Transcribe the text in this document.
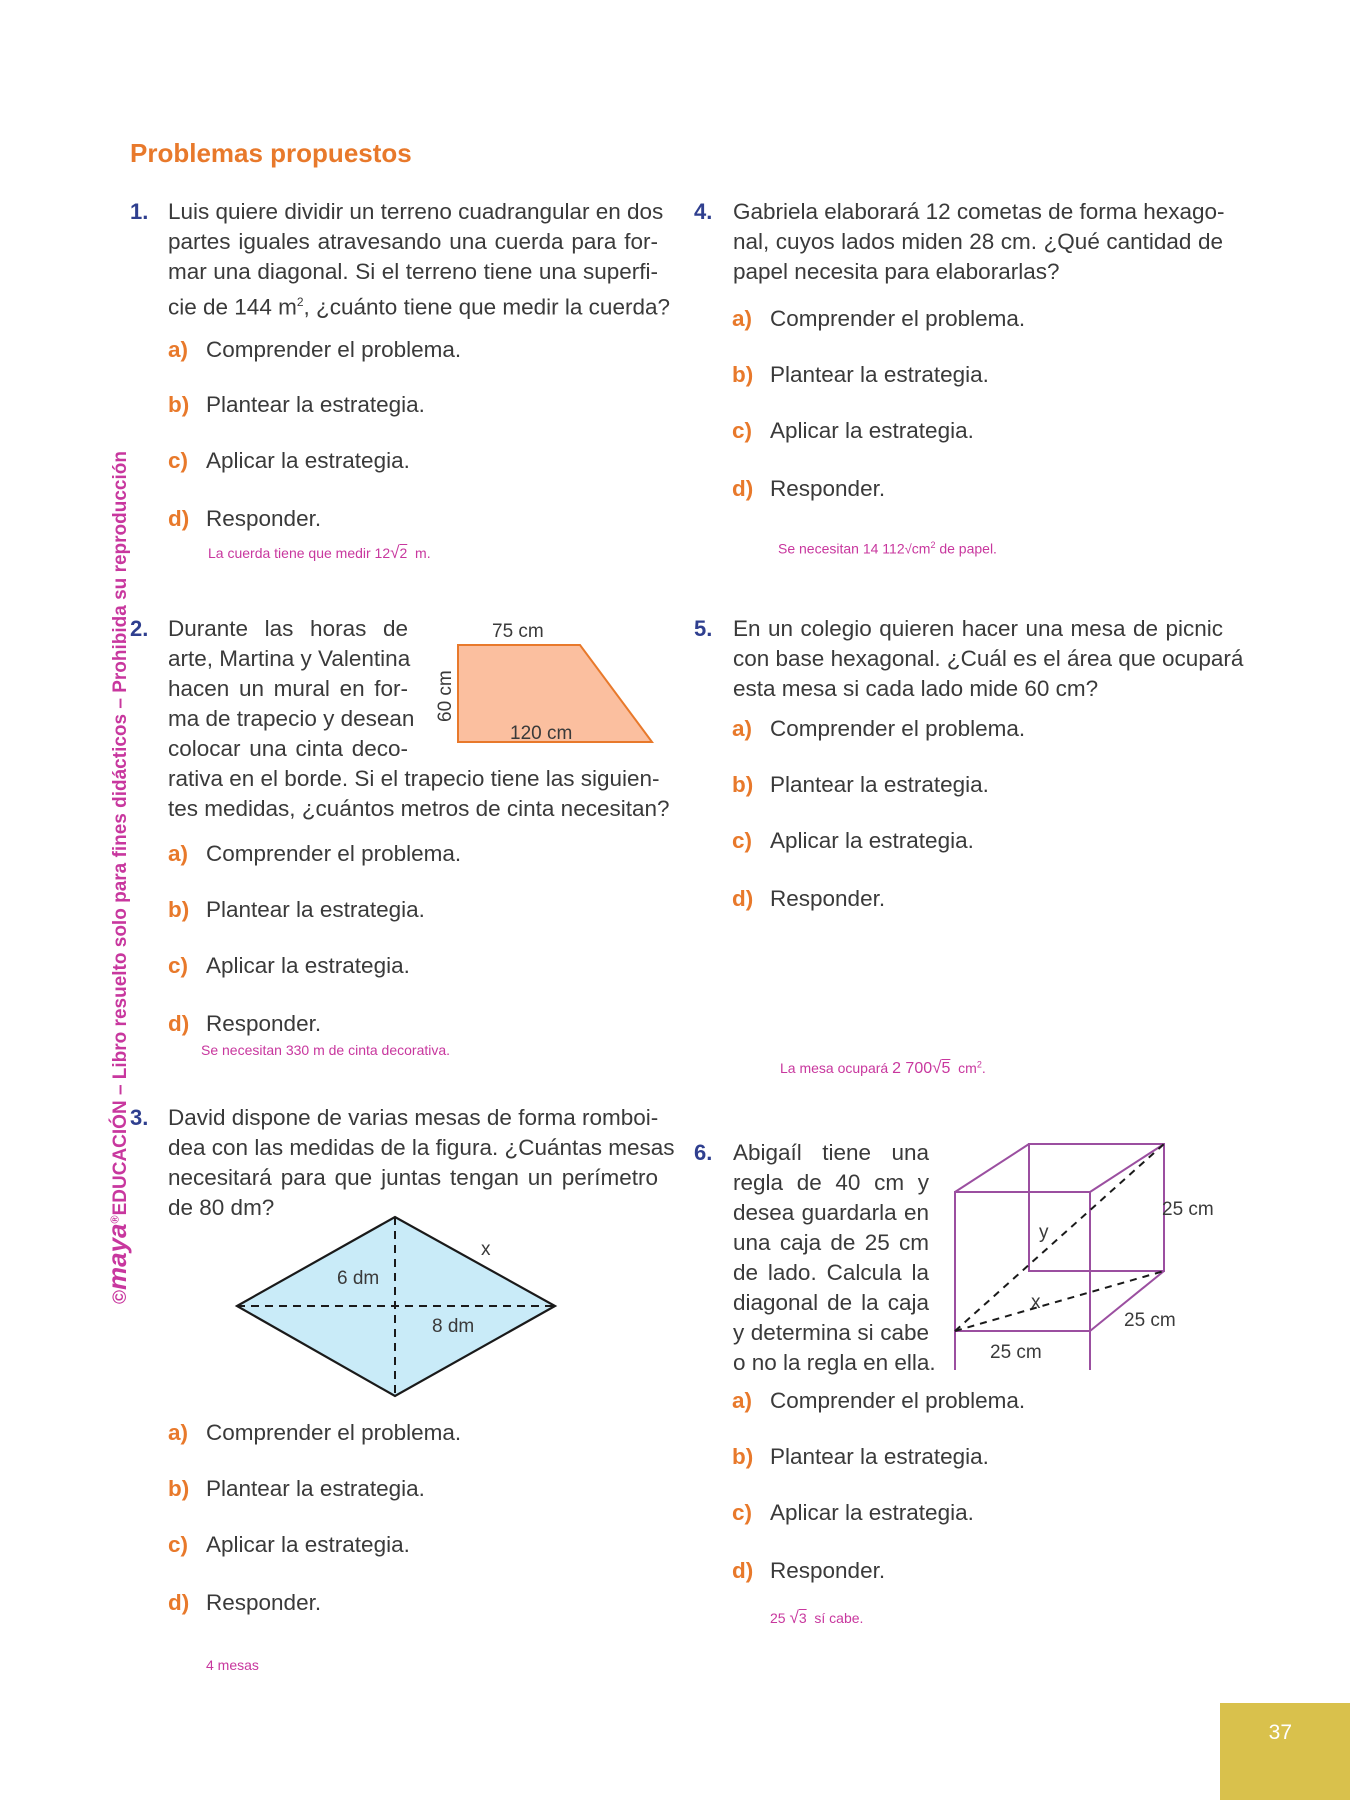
Problemas propuestos
©maya®EDUCACIÓN – Libro resuelto solo para fines didácticos – Prohibida su reproducción
1. Luis quiere dividir un terreno cuadrangular en dos
partes iguales atravesando una cuerda para for-
mar una diagonal. Si el terreno tiene una superfi-
cie de 144 $m^2$, ¿cuánto tiene que medir la cuerda?
a) Comprender el problema.
b) Plantear la estrategia.
c) Aplicar la estrategia.
d) Responder.
La cuerda tiene que medir 12√2 m.
2. Durante las horas de
arte, Martina y Valentina
hacen un mural en for-
ma de trapecio y desean
colocar una cinta deco-
rativa en el borde. Si el trapecio tiene las siguien-
tes medidas, ¿cuántos metros de cinta necesitan?
75 cm
60 cm
120 cm
a) Comprender el problema.
b) Plantear la estrategia.
c) Aplicar la estrategia.
d) Responder.
Se necesitan 330 m de cinta decorativa.
3. David dispone de varias mesas de forma romboi-
dea con las medidas de la figura. ¿Cuántas mesas
necesitará para que juntas tengan un perímetro
de 80 dm?
x
6 dm
8 dm
a) Comprender el problema.
b) Plantear la estrategia.
c) Aplicar la estrategia.
d) Responder.
4 mesas
4. Gabriela elaborará 12 cometas de forma hexago-
nal, cuyos lados miden 28 cm. ¿Qué cantidad de
papel necesita para elaborarlas?
a) Comprender el problema.
b) Plantear la estrategia.
c) Aplicar la estrategia.
d) Responder.
Se necesitan 14 $112√cm^2$ de papel.
5. En un colegio quieren hacer una mesa de picnic
con base hexagonal. ¿Cuál es el área que ocupará
esta mesa si cada lado mide 60 cm?
a) Comprender el problema.
b) Plantear la estrategia.
c) Aplicar la estrategia.
d) Responder.
La mesa ocupará 2 700√5 $cm^2$.
6. Abigaíl tiene una
regla de 40 cm y
desea guardarla en
una caja de 25 cm
de lado. Calcula la
diagonal de la caja
y determina si cabe
o no la regla en ella.
25 cm
25 cm
25 cm
x
y
a) Comprender el problema.
b) Plantear la estrategia.
c) Aplicar la estrategia.
d) Responder.
25 √3 sí cabe.
37
